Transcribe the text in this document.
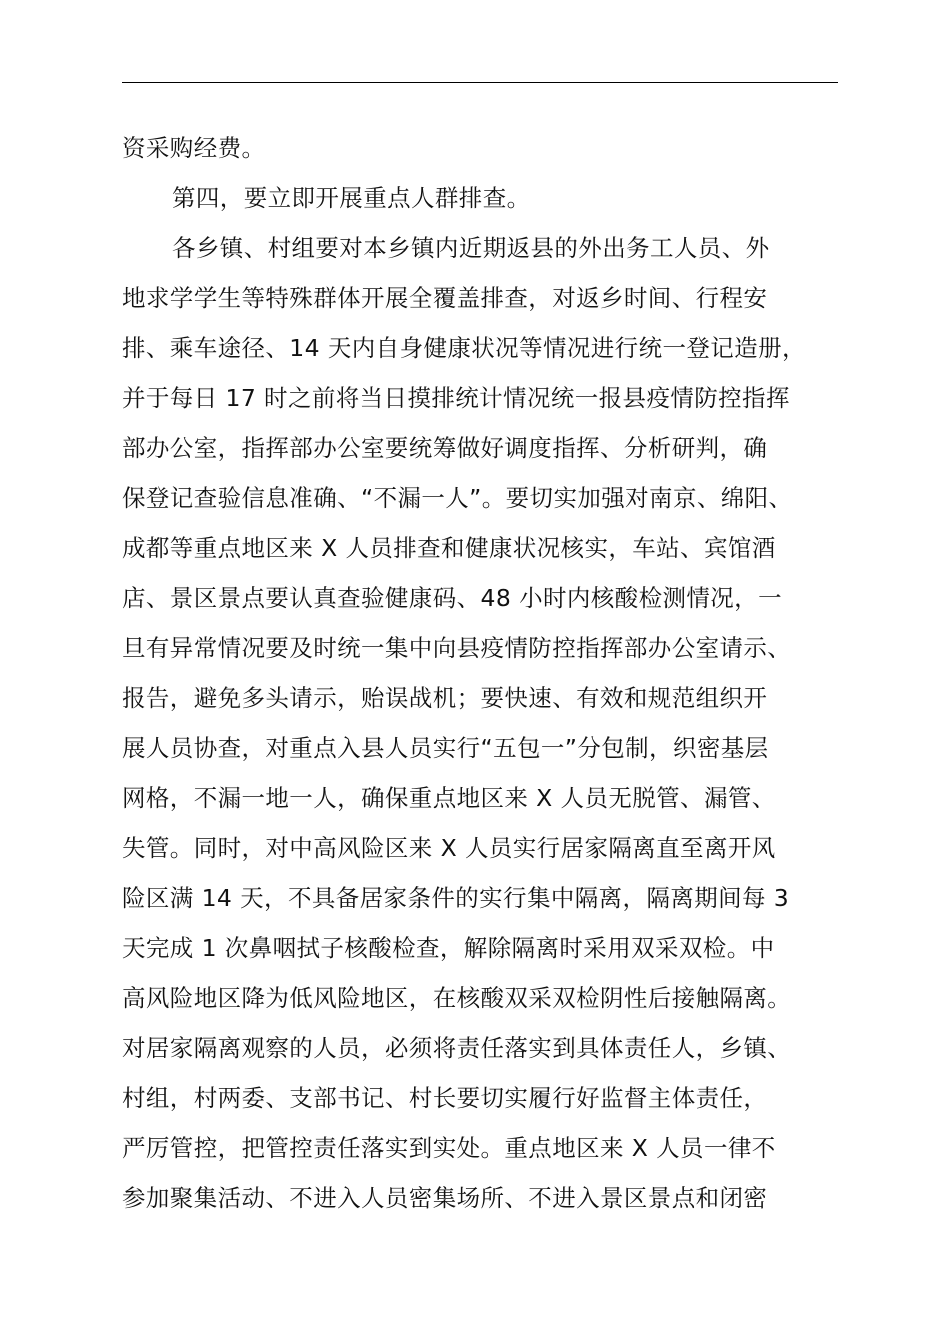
资采购经费。
第四，要立即开展重点人群排查。
各乡镇、村组要对本乡镇内近期返县的外出务工人员、外
地求学学生等特殊群体开展全覆盖排查，对返乡时间、行程安
排、乘车途径、14 天内自身健康状况等情况进行统一登记造册，
并于每日 17 时之前将当日摸排统计情况统一报县疫情防控指挥
部办公室，指挥部办公室要统筹做好调度指挥、分析研判，确
保登记查验信息准确、“不漏一人”。要切实加强对南京、绵阳、
成都等重点地区来 X 人员排查和健康状况核实，车站、宾馆酒
店、景区景点要认真查验健康码、48 小时内核酸检测情况，一
旦有异常情况要及时统一集中向县疫情防控指挥部办公室请示、
报告，避免多头请示，贻误战机；要快速、有效和规范组织开
展人员协查，对重点入县人员实行“五包一”分包制，织密基层
网格，不漏一地一人，确保重点地区来 X 人员无脱管、漏管、
失管。同时，对中高风险区来 X 人员实行居家隔离直至离开风
险区满 14 天，不具备居家条件的实行集中隔离，隔离期间每 3
天完成 1 次鼻咽拭子核酸检查，解除隔离时采用双采双检。中
高风险地区降为低风险地区，在核酸双采双检阴性后接触隔离。
对居家隔离观察的人员，必须将责任落实到具体责任人，乡镇、
村组，村两委、支部书记、村长要切实履行好监督主体责任，
严厉管控，把管控责任落实到实处。重点地区来 X 人员一律不
参加聚集活动、不进入人员密集场所、不进入景区景点和闭密
